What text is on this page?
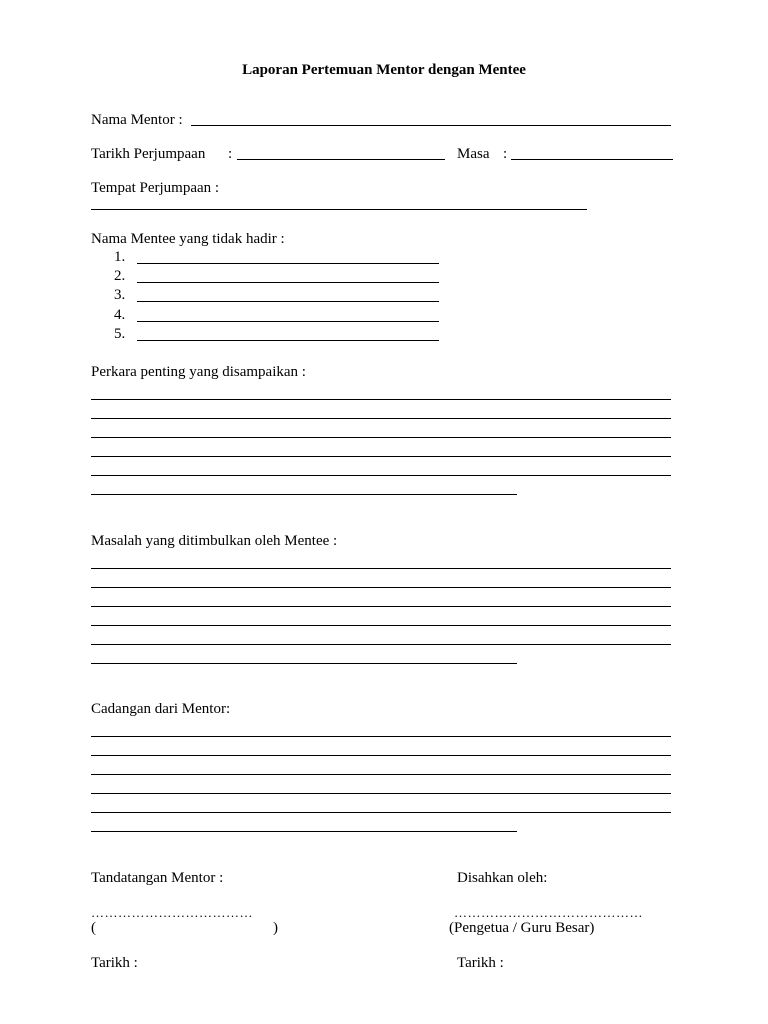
Laporan Pertemuan Mentor dengan Mentee
Nama Mentor :
Tarikh Perjumpaan :	Masa :
Tempat Perjumpaan :
Nama Mentee yang tidak hadir :
1.
2.
3.
4.
5.
Perkara penting yang disampaikan :
Masalah yang ditimbulkan oleh Mentee :
Cadangan dari Mentor:
Tandatangan Mentor :	Disahkan oleh:
………………………………	……………………………………
(	)	(Pengetua / Guru Besar)
Tarikh :	Tarikh :
